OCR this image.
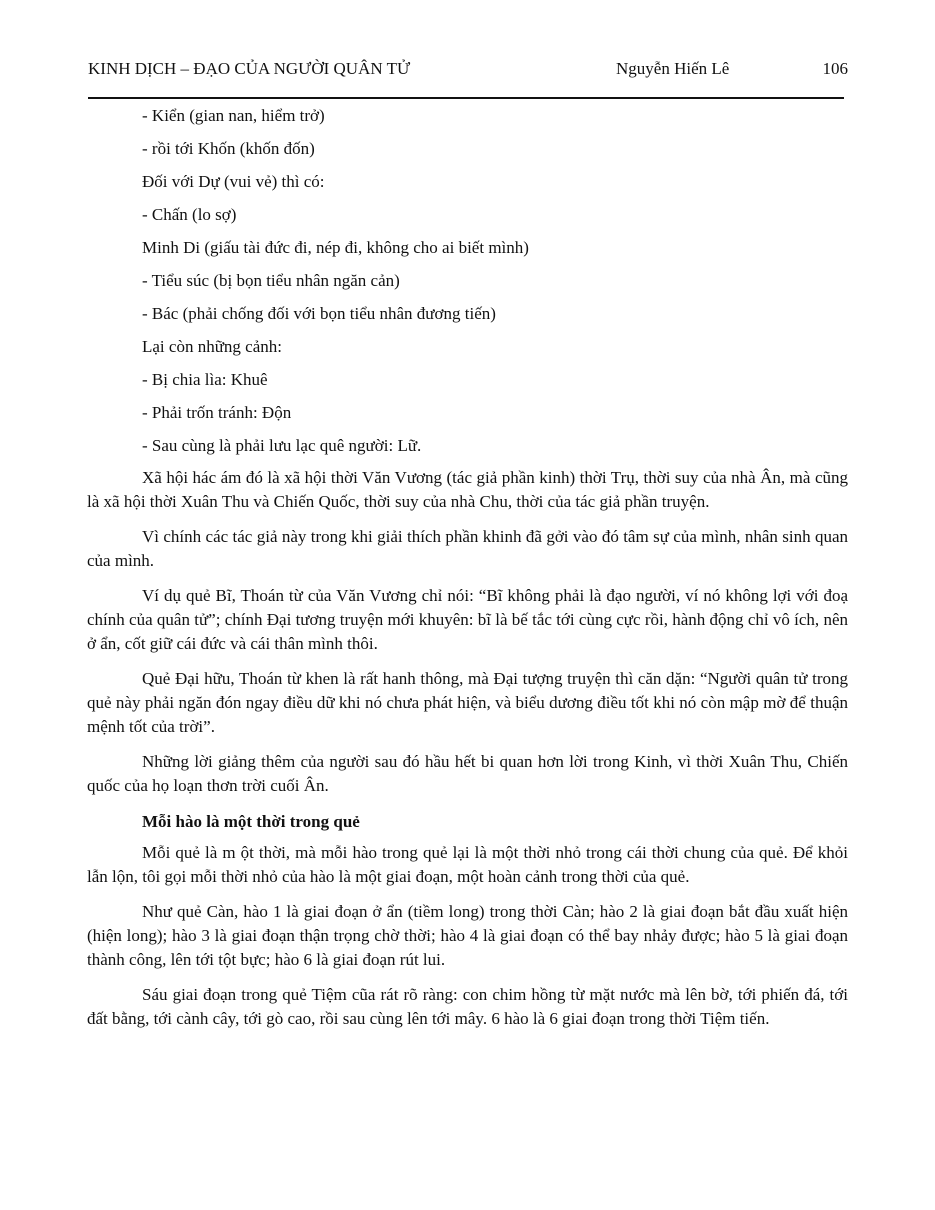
KINH DỊCH – ĐẠO CỦA NGƯỜI QUÂN TỬ	Nguyễn Hiến Lê	106

- Kiển (gian nan, hiểm trở)

- rồi tới Khốn (khốn đốn)

Đối với Dự (vui vẻ) thì có:

- Chấn (lo sợ)

Minh Di (giấu tài đức đi, nép đi, không cho ai biết mình)

- Tiểu súc (bị bọn tiểu nhân ngăn cản)

- Bác (phải chống đối với bọn tiểu nhân đương tiến)

Lại còn những cảnh:

- Bị chia lìa: Khuê

- Phải trốn tránh: Độn

- Sau cùng là phải lưu lạc quê người: Lữ.

Xã hội hác ám đó là xã hội thời Văn Vương (tác giả phần kinh) thời Trụ, thời suy của nhà Ân, mà cũng là xã hội thời Xuân Thu và Chiến Quốc, thời suy của nhà Chu, thời của tác giả phần truyện.

Vì chính các tác giả này trong khi giải thích phần khinh đã gởi vào đó tâm sự của mình, nhân sinh quan của mình.

Ví dụ quẻ Bĩ, Thoán từ của Văn Vương chỉ nói: “Bĩ không phải là đạo người, ví nó không lợi với đoạ chính của quân tử”; chính Đại tương truyện mới khuyên: bĩ là bế tắc tới cùng cực rồi, hành động chỉ vô ích, nên ở ẩn, cốt giữ cái đức và cái thân mình thôi.

Quẻ Đại hữu, Thoán từ khen là rất hanh thông, mà Đại tượng truyện thì căn dặn: “Người quân tử trong quẻ này phải ngăn đón ngay điều dữ khi nó chưa phát hiện, và biểu dương điều tốt khi nó còn mập mờ để thuận mệnh tốt của trời”.

Những lời giảng thêm của người sau đó hầu hết bi quan hơn lời trong Kinh, vì thời Xuân Thu, Chiến quốc của họ loạn thơn trời cuối Ân.

Mỗi hào là một thời trong quẻ

Mỗi quẻ là m ột thời, mà mỗi hào trong quẻ lại là một thời nhỏ trong cái thời chung của quẻ. Để khỏi lẫn lộn, tôi gọi mỗi thời nhỏ của hào là một giai đoạn, một hoàn cảnh trong thời của quẻ.

Như quẻ Càn, hào 1 là giai đoạn ở ẩn (tiềm long) trong thời Càn; hào 2 là giai đoạn bắt đầu xuất hiện (hiện long); hào 3 là giai đoạn thận trọng chờ thời; hào 4 là giai đoạn có thể bay nhảy được; hào 5 là giai đoạn thành công, lên tới tột bực; hào 6 là giai đoạn rút lui.

Sáu giai đoạn trong quẻ Tiệm cũa rát rõ ràng: con chim hồng từ mặt nước mà lên bờ, tới phiến đá, tới đất bằng, tới cành cây, tới gò cao, rồi sau cùng lên tới mây. 6 hào là 6 giai đoạn trong thời Tiệm tiến.
